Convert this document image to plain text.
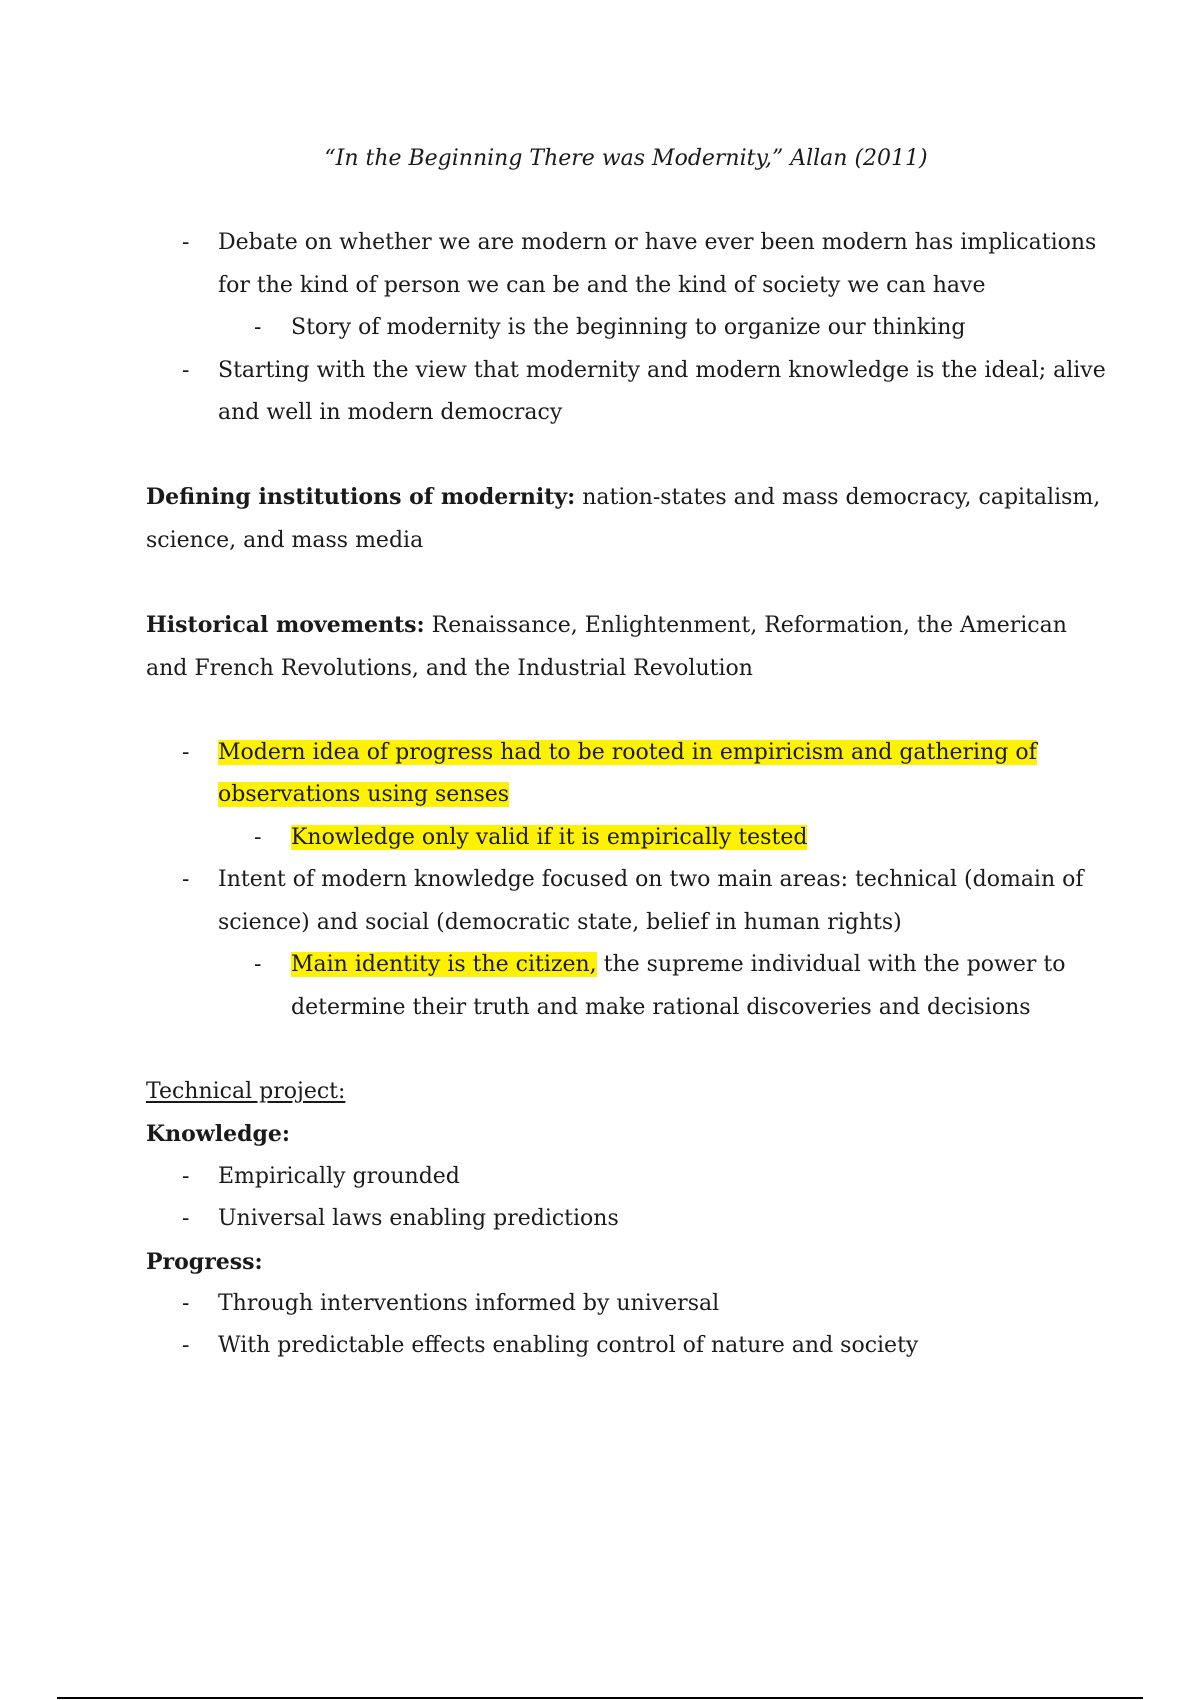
“In the Beginning There was Modernity,” Allan (2011)
- Debate on whether we are modern or have ever been modern has implications for the kind of person we can be and the kind of society we can have
- Story of modernity is the beginning to organize our thinking
- Starting with the view that modernity and modern knowledge is the ideal; alive and well in modern democracy

Defining institutions of modernity: nation-states and mass democracy, capitalism, science, and mass media

Historical movements: Renaissance, Enlightenment, Reformation, the American and French Revolutions, and the Industrial Revolution

- Modern idea of progress had to be rooted in empiricism and gathering of observations using senses
- Knowledge only valid if it is empirically tested
- Intent of modern knowledge focused on two main areas: technical (domain of science) and social (democratic state, belief in human rights)
- Main identity is the citizen, the supreme individual with the power to determine their truth and make rational discoveries and decisions
Technical project:
Knowledge:
- Empirically grounded
- Universal laws enabling predictions
Progress:
- Through interventions informed by universal
- With predictable effects enabling control of nature and society
